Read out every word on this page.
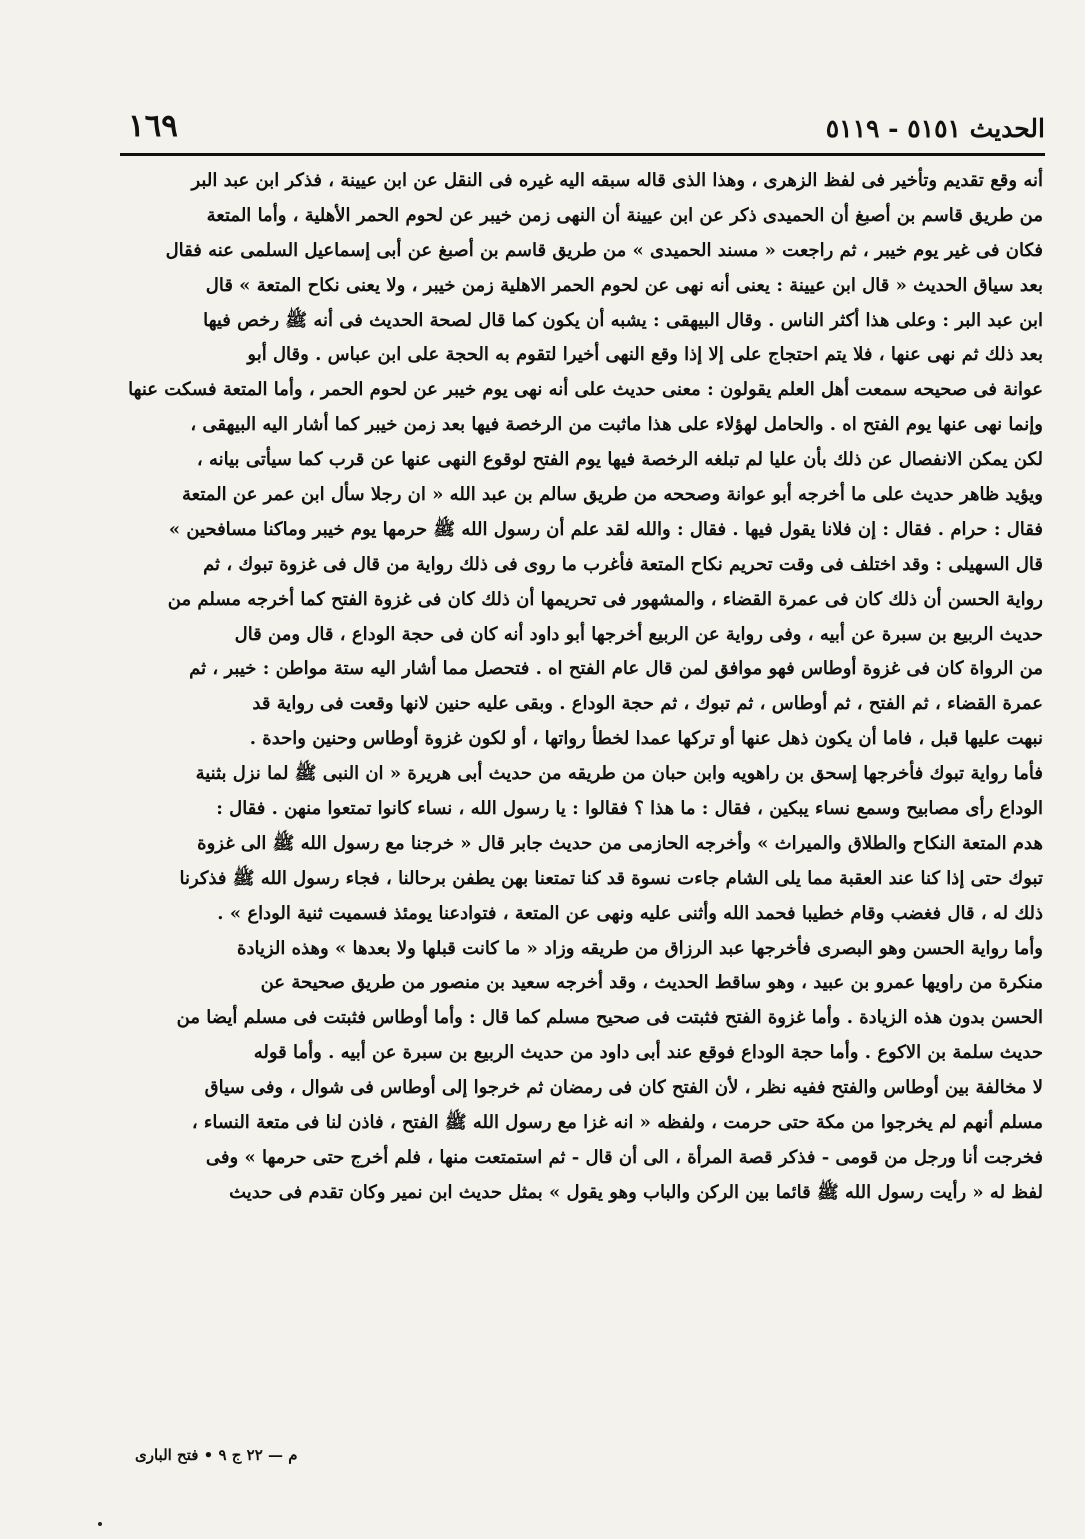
الحديث ٥١٥١ - ٥١١٩
١٦٩
أنه وقع تقديم وتأخير فى لفظ الزهرى ، وهذا الذى قاله سبقه اليه غيره فى النقل عن ابن عيينة ، فذكر ابن عبد البر
من طريق قاسم بن أصبغ أن الحميدى ذكر عن ابن عيينة أن النهى زمن خيبر عن لحوم الحمر الأهلية ، وأما المتعة
فكان فى غير يوم خيبر ، ثم راجعت « مسند الحميدى » من طريق قاسم بن أصبغ عن أبى إسماعيل السلمى عنه فقال
بعد سياق الحديث « قال ابن عيينة : يعنى أنه نهى عن لحوم الحمر الاهلية زمن خيبر ، ولا يعنى نكاح المتعة » قال
ابن عبد البر : وعلى هذا أكثر الناس . وقال البيهقى : يشبه أن يكون كما قال لصحة الحديث فى أنه ﷺ رخص فيها
بعد ذلك ثم نهى عنها ، فلا يتم احتجاج على إلا إذا وقع النهى أخيرا لتقوم به الحجة على ابن عباس . وقال أبو
عوانة فى صحيحه سمعت أهل العلم يقولون : معنى حديث على أنه نهى يوم خيبر عن لحوم الحمر ، وأما المتعة فسكت عنها
وإنما نهى عنها يوم الفتح اه . والحامل لهؤلاء على هذا ماثبت من الرخصة فيها بعد زمن خيبر كما أشار اليه البيهقى ،
لكن يمكن الانفصال عن ذلك بأن عليا لم تبلغه الرخصة فيها يوم الفتح لوقوع النهى عنها عن قرب كما سيأتى بيانه ،
ويؤيد ظاهر حديث على ما أخرجه أبو عوانة وصححه من طريق سالم بن عبد الله « ان رجلا سأل ابن عمر عن المتعة
فقال : حرام . فقال : إن فلانا يقول فيها . فقال : والله لقد علم أن رسول الله ﷺ حرمها يوم خيبر وماكنا مسافحين »
قال السهيلى : وقد اختلف فى وقت تحريم نكاح المتعة فأغرب ما روى فى ذلك رواية من قال فى غزوة تبوك ، ثم
رواية الحسن أن ذلك كان فى عمرة القضاء ، والمشهور فى تحريمها أن ذلك كان فى غزوة الفتح كما أخرجه مسلم من
حديث الربيع بن سبرة عن أبيه ، وفى رواية عن الربيع أخرجها أبو داود أنه كان فى حجة الوداع ، قال ومن قال
من الرواة كان فى غزوة أوطاس فهو موافق لمن قال عام الفتح اه . فتحصل مما أشار اليه ستة مواطن : خيبر ، ثم
عمرة القضاء ، ثم الفتح ، ثم أوطاس ، ثم تبوك ، ثم حجة الوداع . وبقى عليه حنين لانها وقعت فى رواية قد
نبهت عليها قبل ، فاما أن يكون ذهل عنها أو تركها عمدا لخطأ رواتها ، أو لكون غزوة أوطاس وحنين واحدة .
فأما رواية تبوك فأخرجها إسحق بن راهويه وابن حبان من طريقه من حديث أبى هريرة « ان النبى ﷺ لما نزل بثنية
الوداع رأى مصابيح وسمع نساء يبكين ، فقال : ما هذا ؟ فقالوا : يا رسول الله ، نساء كانوا تمتعوا منهن . فقال :
هدم المتعة النكاح والطلاق والميراث » وأخرجه الحازمى من حديث جابر قال « خرجنا مع رسول الله ﷺ الى غزوة
تبوك حتى إذا كنا عند العقبة مما يلى الشام جاءت نسوة قد كنا تمتعنا بهن يطفن برحالنا ، فجاء رسول الله ﷺ فذكرنا
ذلك له ، قال فغضب وقام خطيبا فحمد الله وأثنى عليه ونهى عن المتعة ، فتوادعنا يومئذ فسميت ثنية الوداع » .
وأما رواية الحسن وهو البصرى فأخرجها عبد الرزاق من طريقه وزاد « ما كانت قبلها ولا بعدها » وهذه الزيادة
منكرة من راويها عمرو بن عبيد ، وهو ساقط الحديث ، وقد أخرجه سعيد بن منصور من طريق صحيحة عن
الحسن بدون هذه الزيادة . وأما غزوة الفتح فثبتت فى صحيح مسلم كما قال : وأما أوطاس فثبتت فى مسلم أيضا من
حديث سلمة بن الاكوع . وأما حجة الوداع فوقع عند أبى داود من حديث الربيع بن سبرة عن أبيه . وأما قوله
لا مخالفة بين أوطاس والفتح ففيه نظر ، لأن الفتح كان فى رمضان ثم خرجوا إلى أوطاس فى شوال ، وفى سياق
مسلم أنهم لم يخرجوا من مكة حتى حرمت ، ولفظه « انه غزا مع رسول الله ﷺ الفتح ، فاذن لنا فى متعة النساء ،
فخرجت أنا ورجل من قومى - فذكر قصة المرأة ، الى أن قال - ثم استمتعت منها ، فلم أخرج حتى حرمها » وفى
لفظ له « رأيت رسول الله ﷺ قائما بين الركن والباب وهو يقول » بمثل حديث ابن نمير وكان تقدم فى حديث
م — ٢٢ ج ٩ • فتح البارى
